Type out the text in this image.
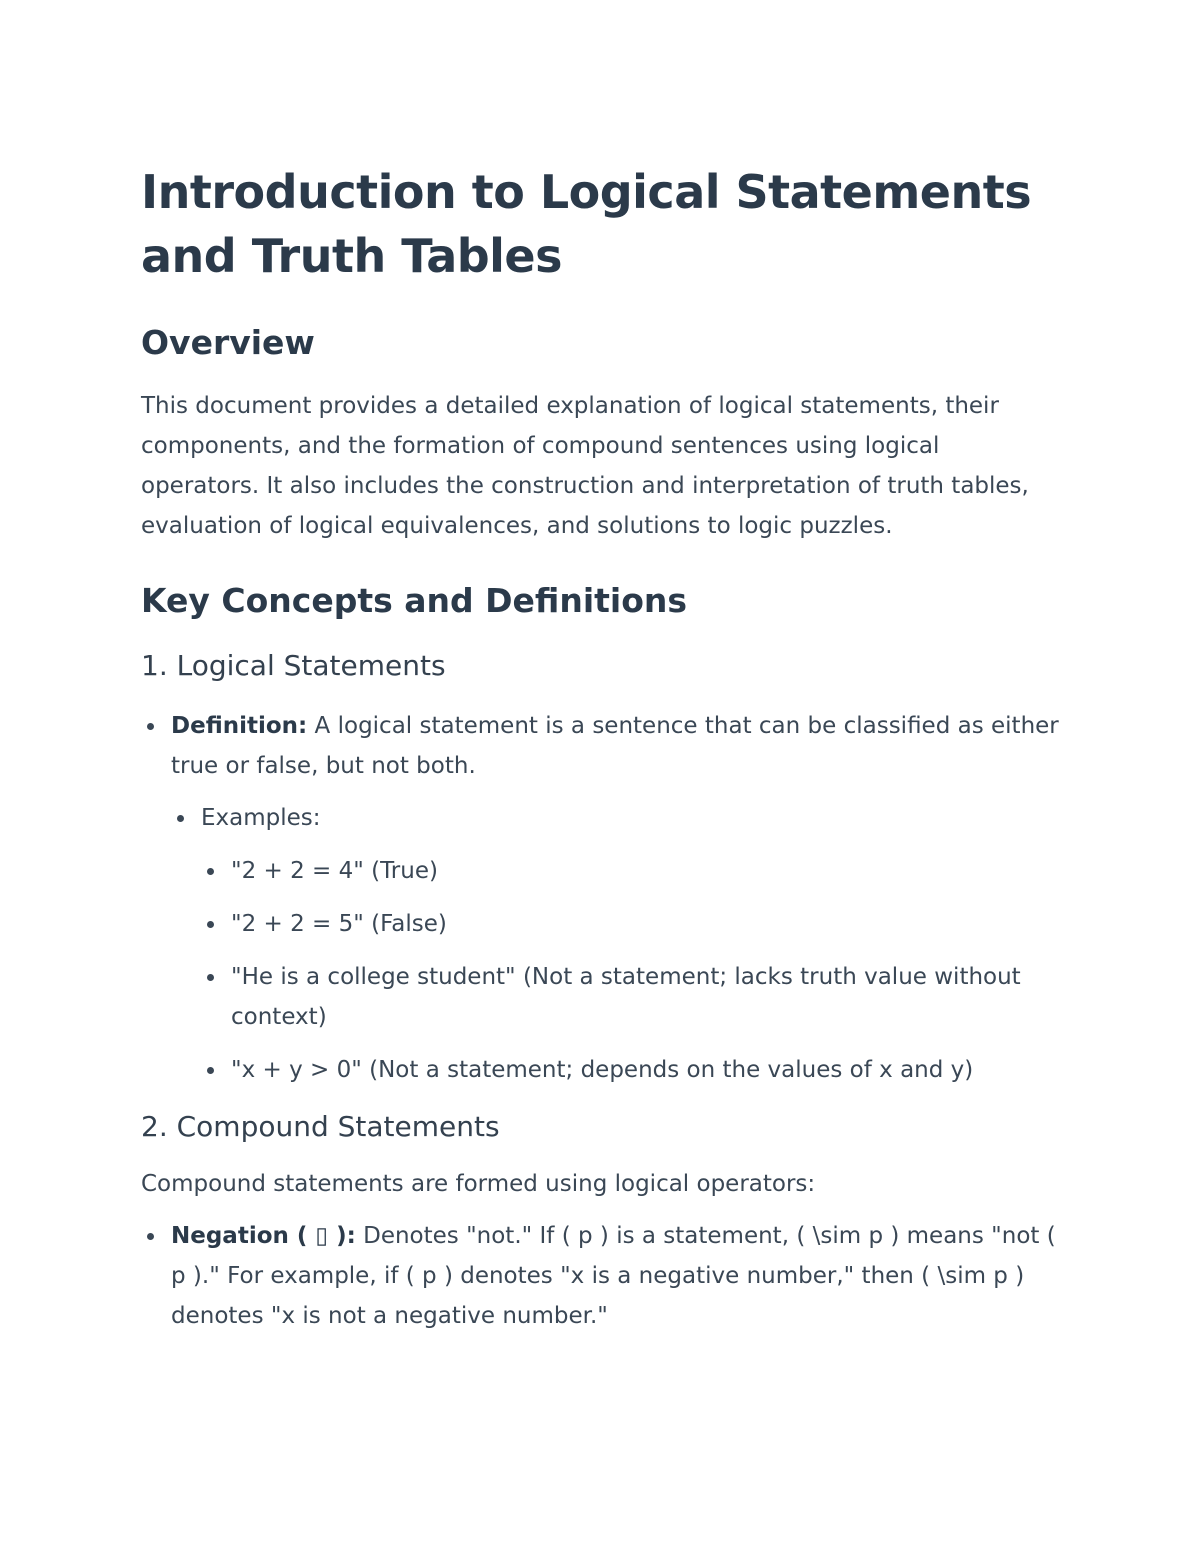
Introduction to Logical Statements and Truth Tables
Overview

This document provides a detailed explanation of logical statements, their components, and the formation of compound sentences using logical operators. It also includes the construction and interpretation of truth tables, evaluation of logical equivalences, and solutions to logic puzzles.

Key Concepts and Definitions
1. Logical Statements
Definition: A logical statement is a sentence that can be classified as either true or false, but not both.
Examples:
"2 + 2 = 4" (True)
"2 + 2 = 5" (False)
"He is a college student" (Not a statement; lacks truth value without context)
"x + y > 0" (Not a statement; depends on the values of x and y)
2. Compound Statements

Compound statements are formed using logical operators:

Negation ( ▯ ): Denotes "not." If ( p ) is a statement, ( \sim p ) means "not ( p )." For example, if ( p ) denotes "x is a negative number," then ( \sim p ) denotes "x is not a negative number."
